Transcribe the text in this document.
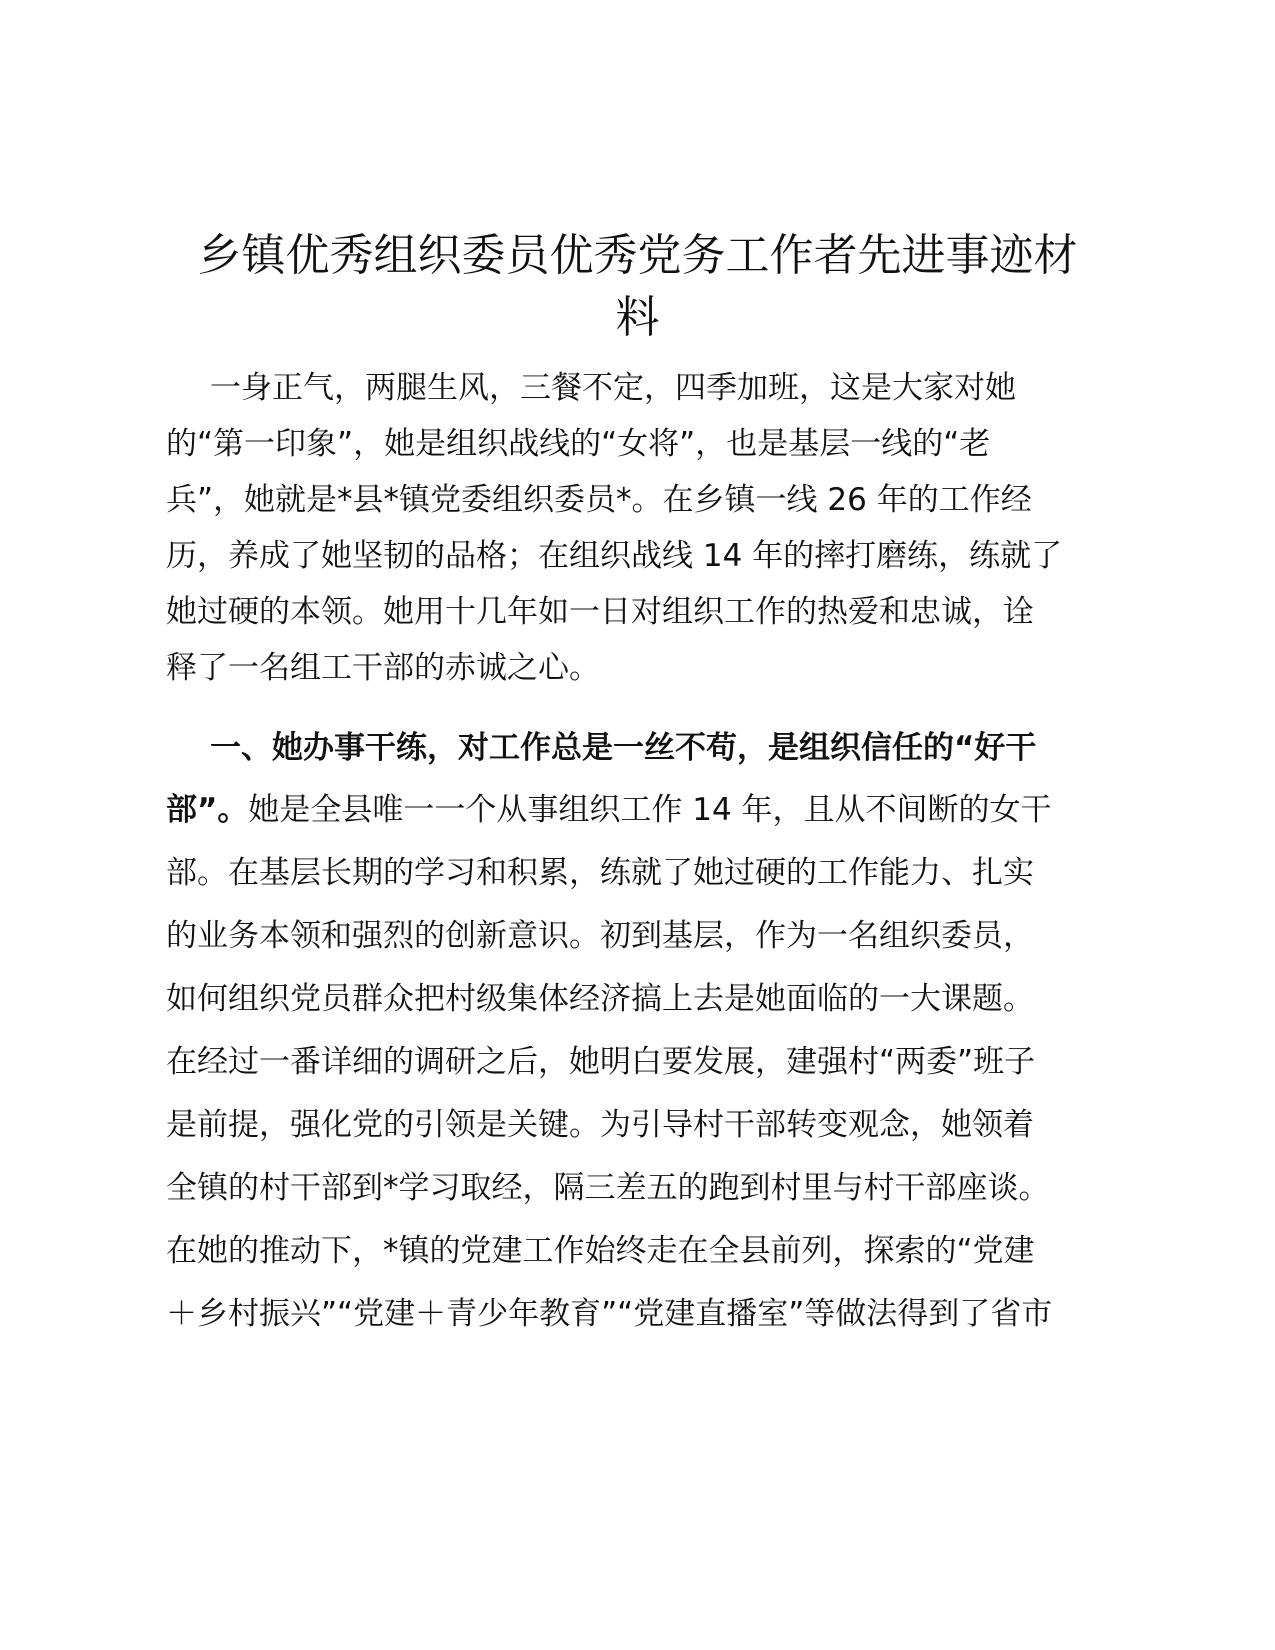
乡镇优秀组织委员优秀党务工作者先进事迹材
料
一身正气，两腿生风，三餐不定，四季加班，这是大家对她
的“第一印象”，她是组织战线的“女将”，也是基层一线的“老
兵”，她就是*县*镇党委组织委员*。在乡镇一线 26 年的工作经
历，养成了她坚韧的品格；在组织战线 14 年的摔打磨练，练就了
她过硬的本领。她用十几年如一日对组织工作的热爱和忠诚，诠
释了一名组工干部的赤诚之心。
一、她办事干练，对工作总是一丝不苟，是组织信任的“好干
部”。她是全县唯一一个从事组织工作 14 年，且从不间断的女干
部。在基层长期的学习和积累，练就了她过硬的工作能力、扎实
的业务本领和强烈的创新意识。初到基层，作为一名组织委员，
如何组织党员群众把村级集体经济搞上去是她面临的一大课题。
在经过一番详细的调研之后，她明白要发展，建强村“两委”班子
是前提，强化党的引领是关键。为引导村干部转变观念，她领着
全镇的村干部到*学习取经，隔三差五的跑到村里与村干部座谈。
在她的推动下，*镇的党建工作始终走在全县前列，探索的“党建
＋乡村振兴”“党建＋青少年教育”“党建直播室”等做法得到了省市
